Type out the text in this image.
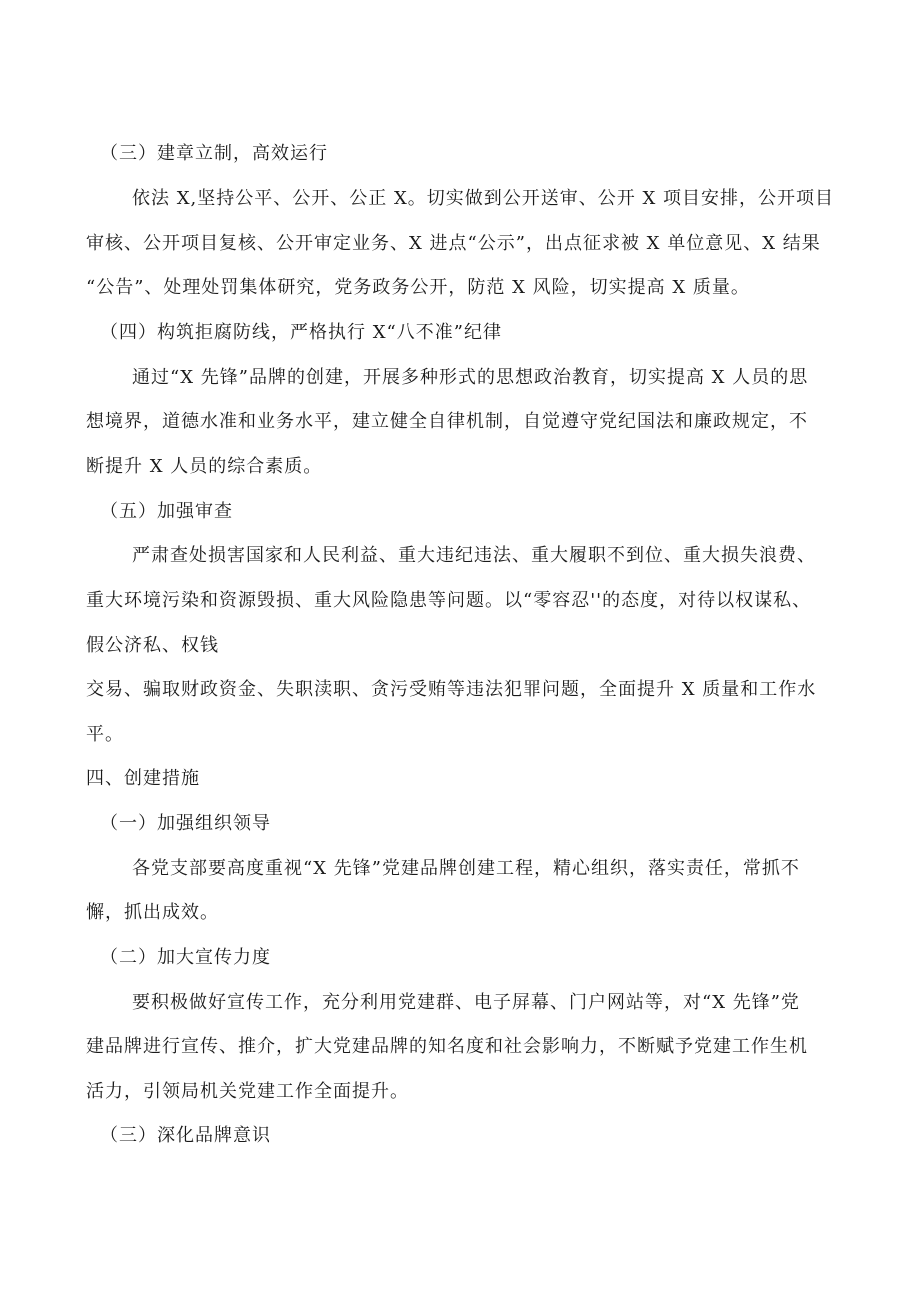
（三）建章立制，高效运行
依法 X,坚持公平、公开、公正 X。切实做到公开送审、公开 X 项目安排，公开项目
审核、公开项目复核、公开审定业务、X 进点“公示”，出点征求被 X 单位意见、X 结果
“公告”、处理处罚集体研究，党务政务公开，防范 X 风险，切实提高 X 质量。
（四）构筑拒腐防线，严格执行 X“八不准”纪律
通过“X 先锋”品牌的创建，开展多种形式的思想政治教育，切实提高 X 人员的思
想境界，道德水准和业务水平，建立健全自律机制，自觉遵守党纪国法和廉政规定，不
断提升 X 人员的综合素质。
（五）加强审查
严肃查处损害国家和人民利益、重大违纪违法、重大履职不到位、重大损失浪费、
重大环境污染和资源毁损、重大风险隐患等问题。以“零容忍''的态度，对待以权谋私、
假公济私、权钱
交易、骗取财政资金、失职渎职、贪污受贿等违法犯罪问题，全面提升 X 质量和工作水
平。
四、创建措施
（一）加强组织领导
各党支部要高度重视“X 先锋”党建品牌创建工程，精心组织，落实责任，常抓不
懈，抓出成效。
（二）加大宣传力度
要积极做好宣传工作，充分利用党建群、电子屏幕、门户网站等，对“X 先锋”党
建品牌进行宣传、推介，扩大党建品牌的知名度和社会影响力，不断赋予党建工作生机
活力，引领局机关党建工作全面提升。
（三）深化品牌意识
